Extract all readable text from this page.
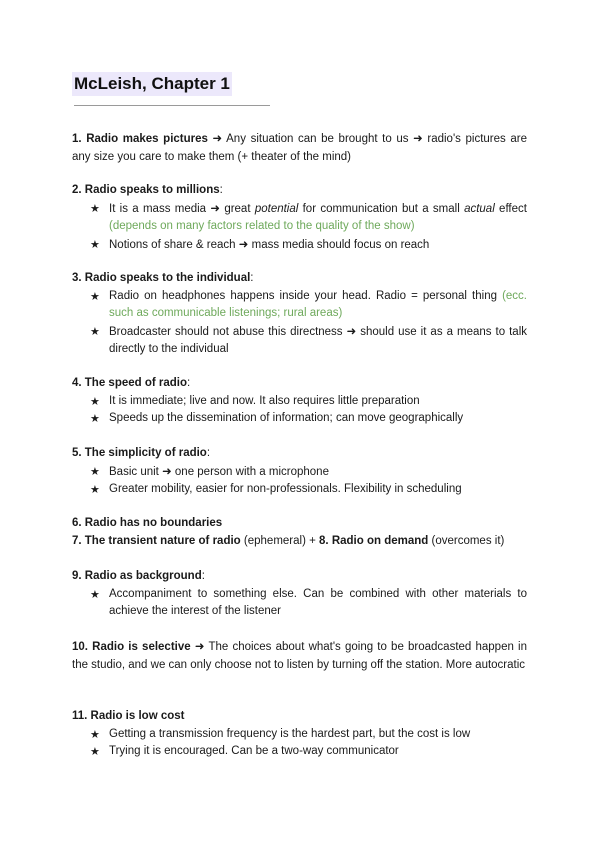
McLeish, Chapter 1

1. Radio makes pictures ➜ Any situation can be brought to us ➜ radio's pictures are any size you care to make them (+ theater of the mind)

2. Radio speaks to millions:

★ It is a mass media ➜ great potential for communication but a small actual effect (depends on many factors related to the quality of the show)
★ Notions of share & reach ➜ mass media should focus on reach

3. Radio speaks to the individual:

★ Radio on headphones happens inside your head. Radio = personal thing (ecc. such as communicable listenings; rural areas)
★ Broadcaster should not abuse this directness ➜ should use it as a means to talk directly to the individual

4. The speed of radio:

★ It is immediate; live and now. It also requires little preparation
★ Speeds up the dissemination of information; can move geographically

5. The simplicity of radio:

★ Basic unit ➜ one person with a microphone
★ Greater mobility, easier for non-professionals. Flexibility in scheduling

6. Radio has no boundaries

7. The transient nature of radio (ephemeral) + 8. Radio on demand (overcomes it)

9. Radio as background:

★ Accompaniment to something else. Can be combined with other materials to achieve the interest of the listener

10. Radio is selective ➜ The choices about what's going to be broadcasted happen in the studio, and we can only choose not to listen by turning off the station. More autocratic

11. Radio is low cost

★ Getting a transmission frequency is the hardest part, but the cost is low
★ Trying it is encouraged. Can be a two-way communicator
